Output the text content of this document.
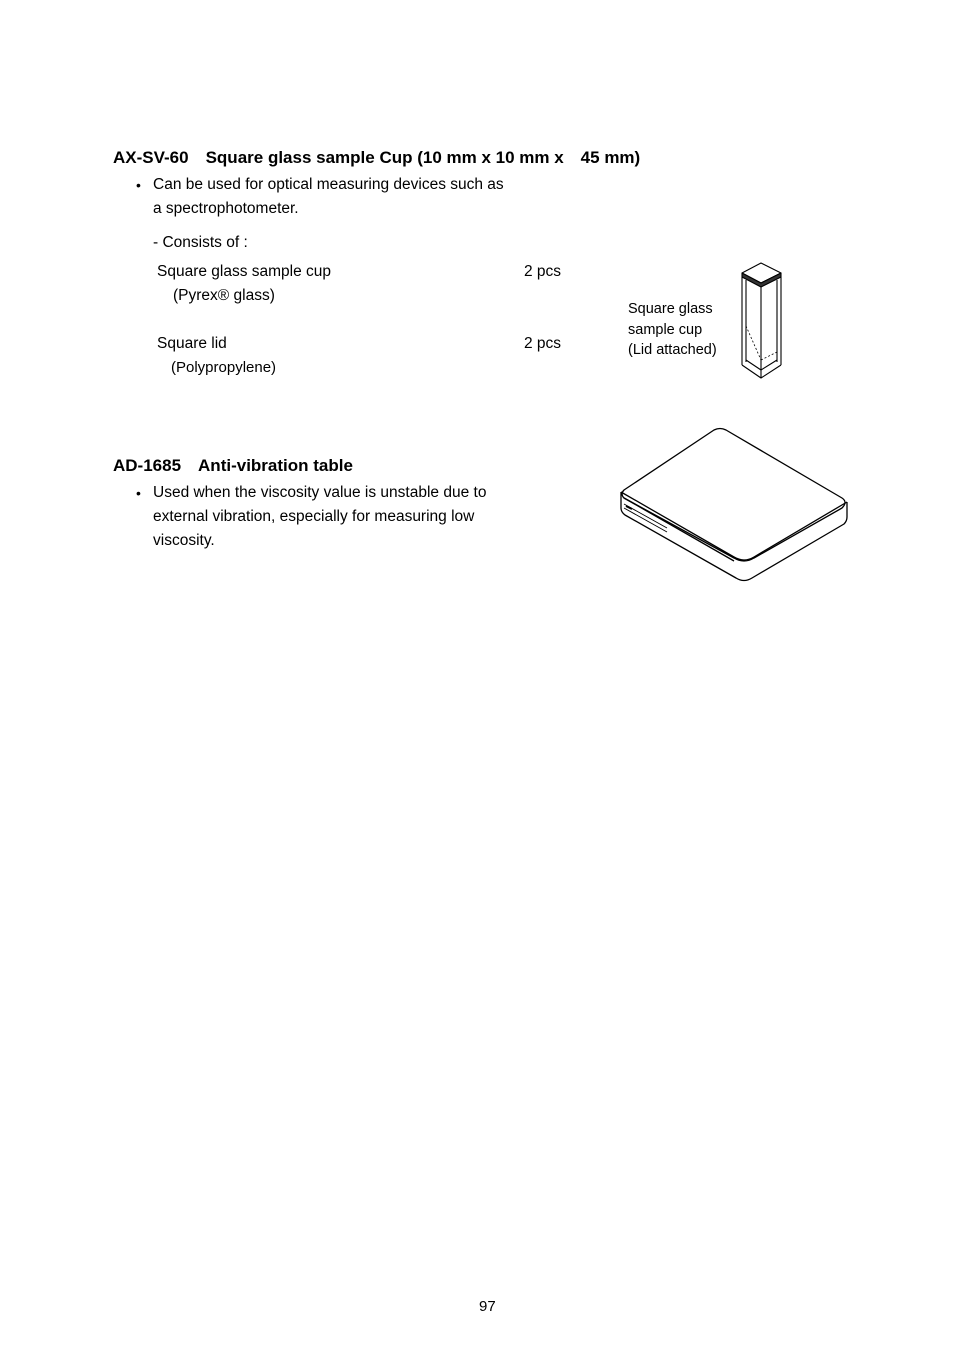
AX-SV-60　Square glass sample Cup (10 mm x 10 mm x　45 mm)
• Can be used for optical measuring devices such as
a spectrophotometer.
- Consists of :
Square glass sample cup	2 pcs
(Pyrex® glass)
Square lid	2 pcs
(Polypropylene)
Square glass
sample cup
(Lid attached)
AD-1685　Anti-vibration table
• Used when the viscosity value is unstable due to
external vibration, especially for measuring low
viscosity.
97
